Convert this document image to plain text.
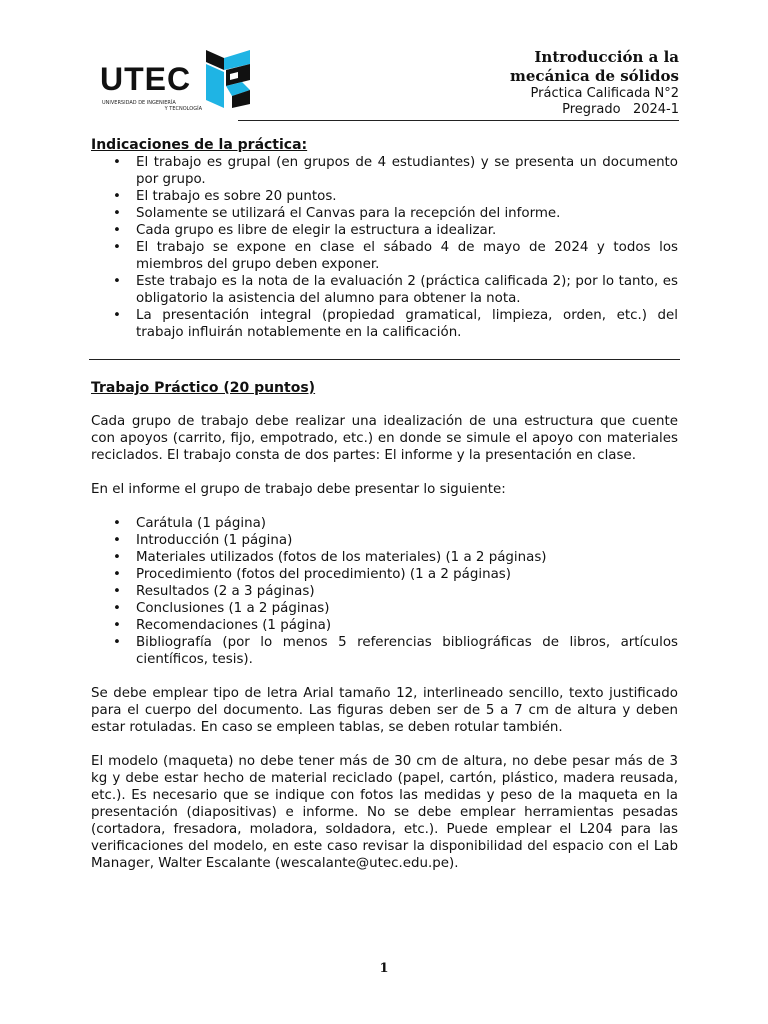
UTEC
UNIVERSIDAD DE INGENIERÍA
Y TECNOLOGÍA
Introducción a la
mecánica de sólidos
Práctica Calificada N°2
Pregrado   2024-1
Indicaciones de la práctica:
• El trabajo es grupal (en grupos de 4 estudiantes) y se presenta un documento por grupo.
• El trabajo es sobre 20 puntos.
• Solamente se utilizará el Canvas para la recepción del informe.
• Cada grupo es libre de elegir la estructura a idealizar.
• El trabajo se expone en clase el sábado 4 de mayo de 2024 y todos los miembros del grupo deben exponer.
• Este trabajo es la nota de la evaluación 2 (práctica calificada 2); por lo tanto, es obligatorio la asistencia del alumno para obtener la nota.
• La presentación integral (propiedad gramatical, limpieza, orden, etc.) del trabajo influirán notablemente en la calificación.
Trabajo Práctico (20 puntos)

Cada grupo de trabajo debe realizar una idealización de una estructura que cuente con apoyos (carrito, fijo, empotrado, etc.) en donde se simule el apoyo con materiales reciclados. El trabajo consta de dos partes: El informe y la presentación en clase.

En el informe el grupo de trabajo debe presentar lo siguiente:

• Carátula (1 página)
• Introducción (1 página)
• Materiales utilizados (fotos de los materiales) (1 a 2 páginas)
• Procedimiento (fotos del procedimiento) (1 a 2 páginas)
• Resultados (2 a 3 páginas)
• Conclusiones (1 a 2 páginas)
• Recomendaciones (1 página)
• Bibliografía (por lo menos 5 referencias bibliográficas de libros, artículos científicos, tesis).

Se debe emplear tipo de letra Arial tamaño 12, interlineado sencillo, texto justificado para el cuerpo del documento. Las figuras deben ser de 5 a 7 cm de altura y deben estar rotuladas. En caso se empleen tablas, se deben rotular también.

El modelo (maqueta) no debe tener más de 30 cm de altura, no debe pesar más de 3 kg y debe estar hecho de material reciclado (papel, cartón, plástico, madera reusada, etc.). Es necesario que se indique con fotos las medidas y peso de la maqueta en la presentación (diapositivas) e informe. No se debe emplear herramientas pesadas (cortadora, fresadora, moladora, soldadora, etc.). Puede emplear el L204 para las verificaciones del modelo, en este caso revisar la disponibilidad del espacio con el Lab Manager, Walter Escalante (wescalante@utec.edu.pe).

1
